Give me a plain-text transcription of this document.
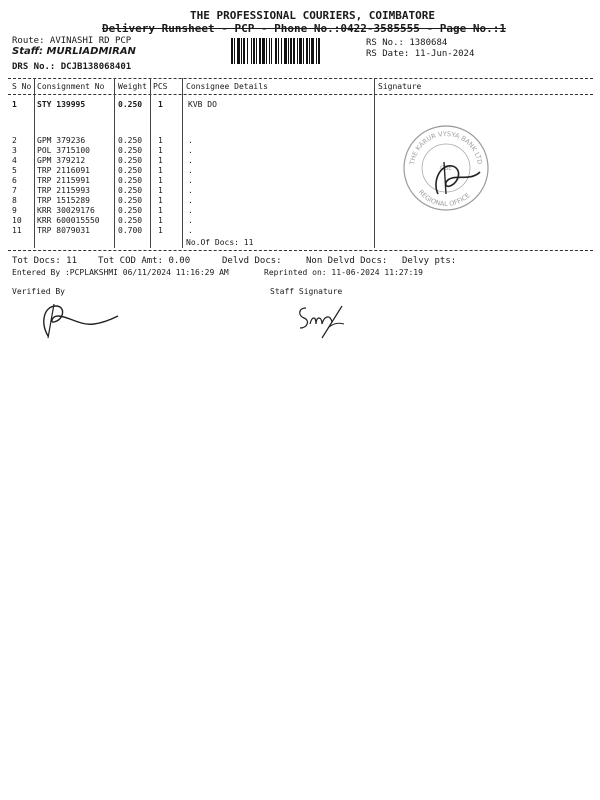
THE PROFESSIONAL COURIERS, COIMBATORE
Delivery Runsheet - PCP - Phone No.:0422-3585555 - Page No.:1
Route: AVINASHI RD PCP
Staff: MURLIADMIRAN
DRS No.: DCJB138068401
RS No.: 1380684
RS Date: 11-Jun-2024
S No Consignment No Weight PCS Consignee Details	Signature
1	STY 139995	0.250 1	KVB DO
2	GPM 379236	0.250 1	.
3	POL 3715100	0.250 1	.
4	GPM 379212	0.250 1	.
5	TRP 2116091	0.250 1	.
6	TRP 2115991	0.250 1	.
7	TRP 2115993	0.250 1	.
8	TRP 1515289	0.250 1	.
9	KRR 30029176	0.250 1	.
10 KRR 600015550 0.250 1	.
11 TRP 8079031	0.700 1	.
No.Of Docs: 11
THE KARUR VYSYA BANK LTD
REGIONAL OFFICE
CBE
Tot Docs: 11 Tot COD Amt: 0.00	Delvd Docs:	Non Delvd Docs: Delvy pts:
Entered By :PCPLAKSHMI 06/11/2024 11:16:29 AM	Reprinted on: 11-06-2024 11:27:19
Verified By	Staff Signature
